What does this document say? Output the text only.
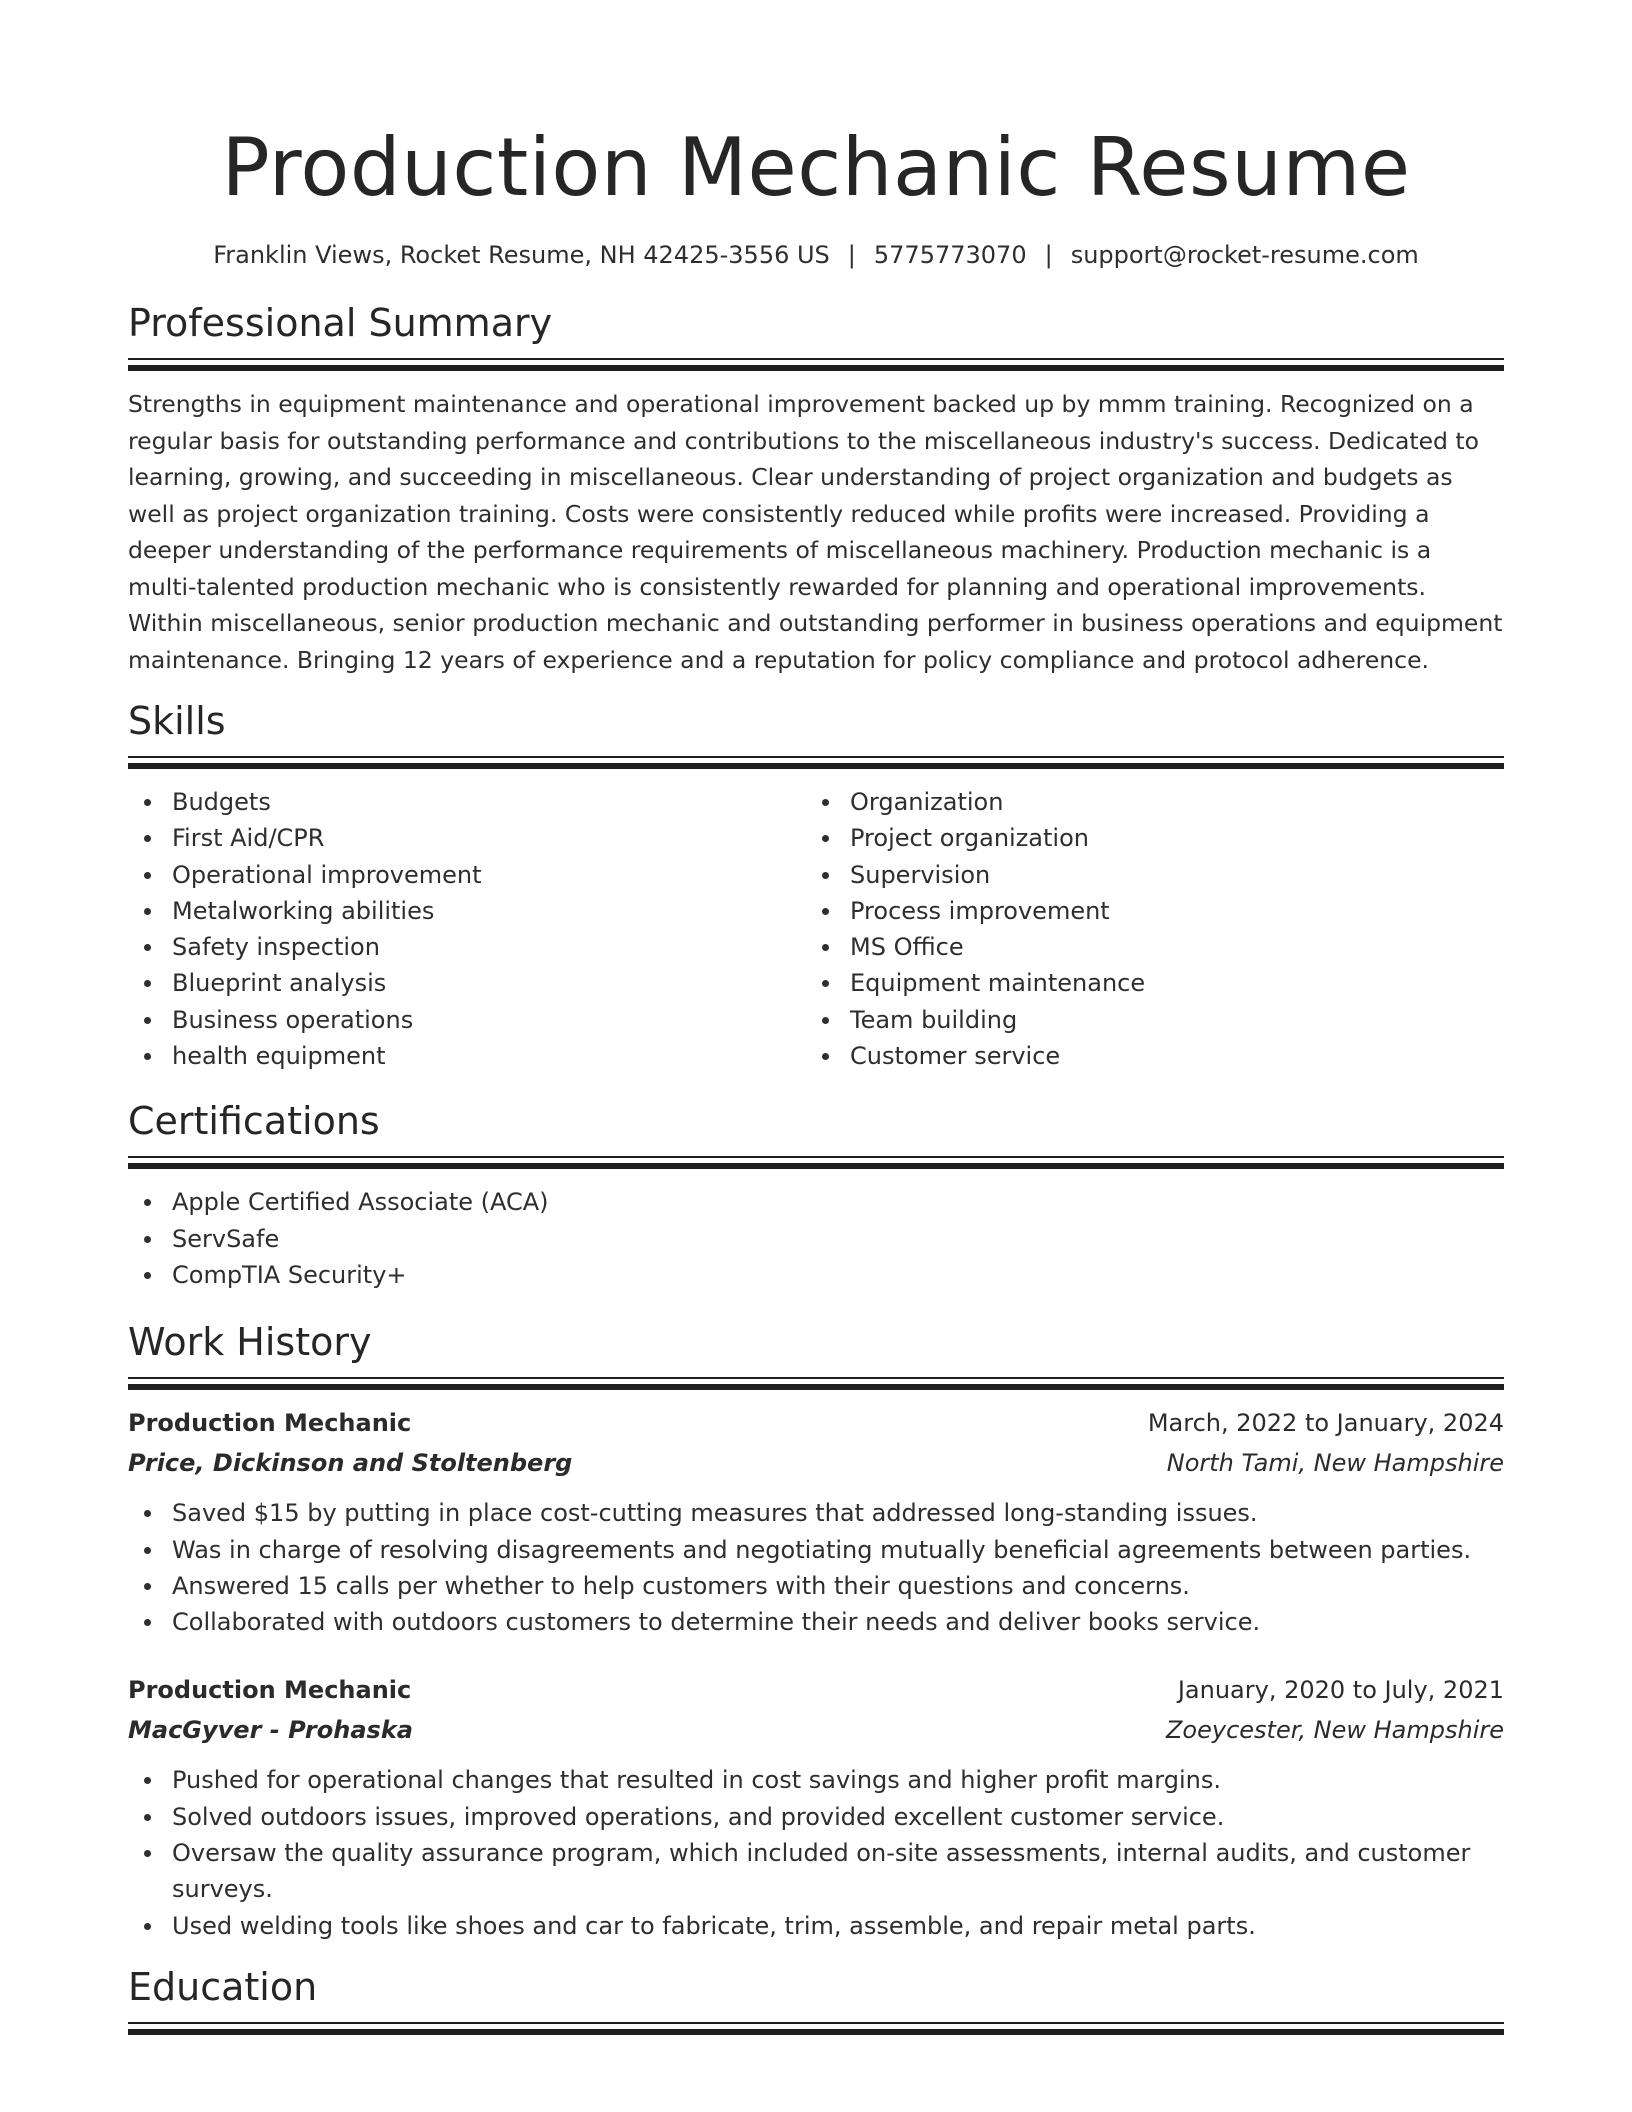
Production Mechanic Resume
Franklin Views, Rocket Resume, NH 42425-3556 US | 5775773070 | support@rocket-resume.com
Professional Summary

Strengths in equipment maintenance and operational improvement backed up by mmm training. Recognized on a regular basis for outstanding performance and contributions to the miscellaneous industry's success. Dedicated to learning, growing, and succeeding in miscellaneous. Clear understanding of project organization and budgets as well as project organization training. Costs were consistently reduced while profits were increased. Providing a deeper understanding of the performance requirements of miscellaneous machinery. Production mechanic is a multi-talented production mechanic who is consistently rewarded for planning and operational improvements. Within miscellaneous, senior production mechanic and outstanding performer in business operations and equipment maintenance. Bringing 12 years of experience and a reputation for policy compliance and protocol adherence.

Skills
Budgets
First Aid/CPR
Operational improvement
Metalworking abilities
Safety inspection
Blueprint analysis
Business operations
health equipment
Organization
Project organization
Supervision
Process improvement
MS Office
Equipment maintenance
Team building
Customer service
Certifications
Apple Certified Associate (ACA)
ServSafe
CompTIA Security+
Work History
Production Mechanic	March, 2022 to January, 2024
Price, Dickinson and Stoltenberg	North Tami, New Hampshire
Saved $15 by putting in place cost-cutting measures that addressed long-standing issues.
Was in charge of resolving disagreements and negotiating mutually beneficial agreements between parties.
Answered 15 calls per whether to help customers with their questions and concerns.
Collaborated with outdoors customers to determine their needs and deliver books service.
Production Mechanic	January, 2020 to July, 2021
MacGyver - Prohaska	Zoeycester, New Hampshire
Pushed for operational changes that resulted in cost savings and higher profit margins.
Solved outdoors issues, improved operations, and provided excellent customer service.
Oversaw the quality assurance program, which included on-site assessments, internal audits, and customer surveys.
Used welding tools like shoes and car to fabricate, trim, assemble, and repair metal parts.
Education
